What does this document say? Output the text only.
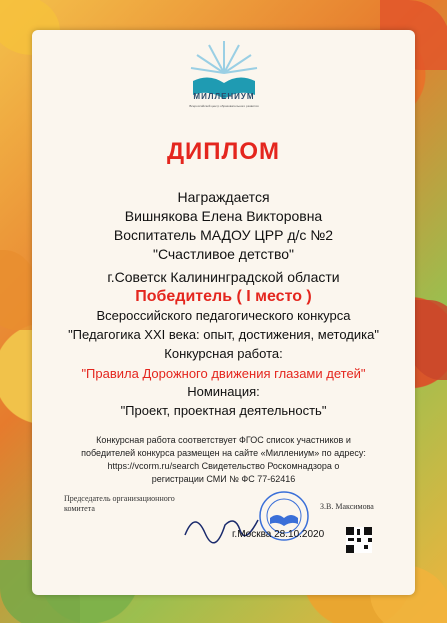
МИЛЛЕНИУМ
Всероссийский центр образовательного развития
ДИПЛОМ
Награждается
Вишнякова Елена Викторовна
Воспитатель МАДОУ ЦРР д/с №2
"Счастливое детство"
г.Советск Калининградской области
Победитель ( I место )
Всероссийского педагогического конкурса
"Педагогика XXI века: опыт, достижения, методика"
Конкурсная работа:
"Правила Дорожного движения глазами детей"
Номинация:
"Проект, проектная деятельность"
Конкурсная работа соответствует ФГОС список участников и
победителей конкурса размещен на сайте «Миллениум» по адресу:
https://vcorm.ru/search Свидетельство Роскомнадзора о
регистрации СМИ № ФС 77-62416
Председатель организационного
комитета	З.В. Максимова
г.Москва 28.10.2020
